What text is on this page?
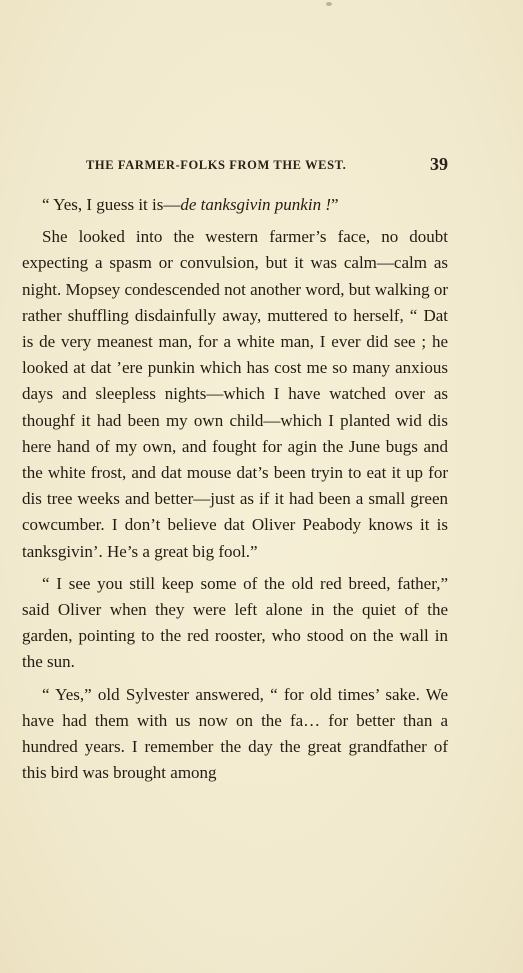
THE FARMER-FOLKS FROM THE WEST.	39

“ Yes, I guess it is—de tanksgivin punkin !”

She looked into the western farmer’s face, no doubt expecting a spasm or convulsion, but it was calm—calm as night. Mopsey condescended not another word, but walking or rather shuffling disdainfully away, muttered to herself, “ Dat is de very meanest man, for a white man, I ever did see ; he looked at dat ’ere punkin which has cost me so many anxious days and sleepless nights—which I have watched over as thoughf it had been my own child—which I planted wid dis here hand of my own, and fought for agin the June bugs and the white frost, and dat mouse dat’s been tryin to eat it up for dis tree weeks and better—just as if it had been a small green cowcumber. I don’t believe dat Oliver Peabody knows it is tanksgivin’. He’s a great big fool.”

“ I see you still keep some of the old red breed, father,” said Oliver when they were left alone in the quiet of the garden, pointing to the red rooster, who stood on the wall in the sun.

“ Yes,” old Sylvester answered, “ for old times’ sake. We have had them with us now on the fa… for better than a hundred years. I remember the day the great grandfather of this bird was brought among
